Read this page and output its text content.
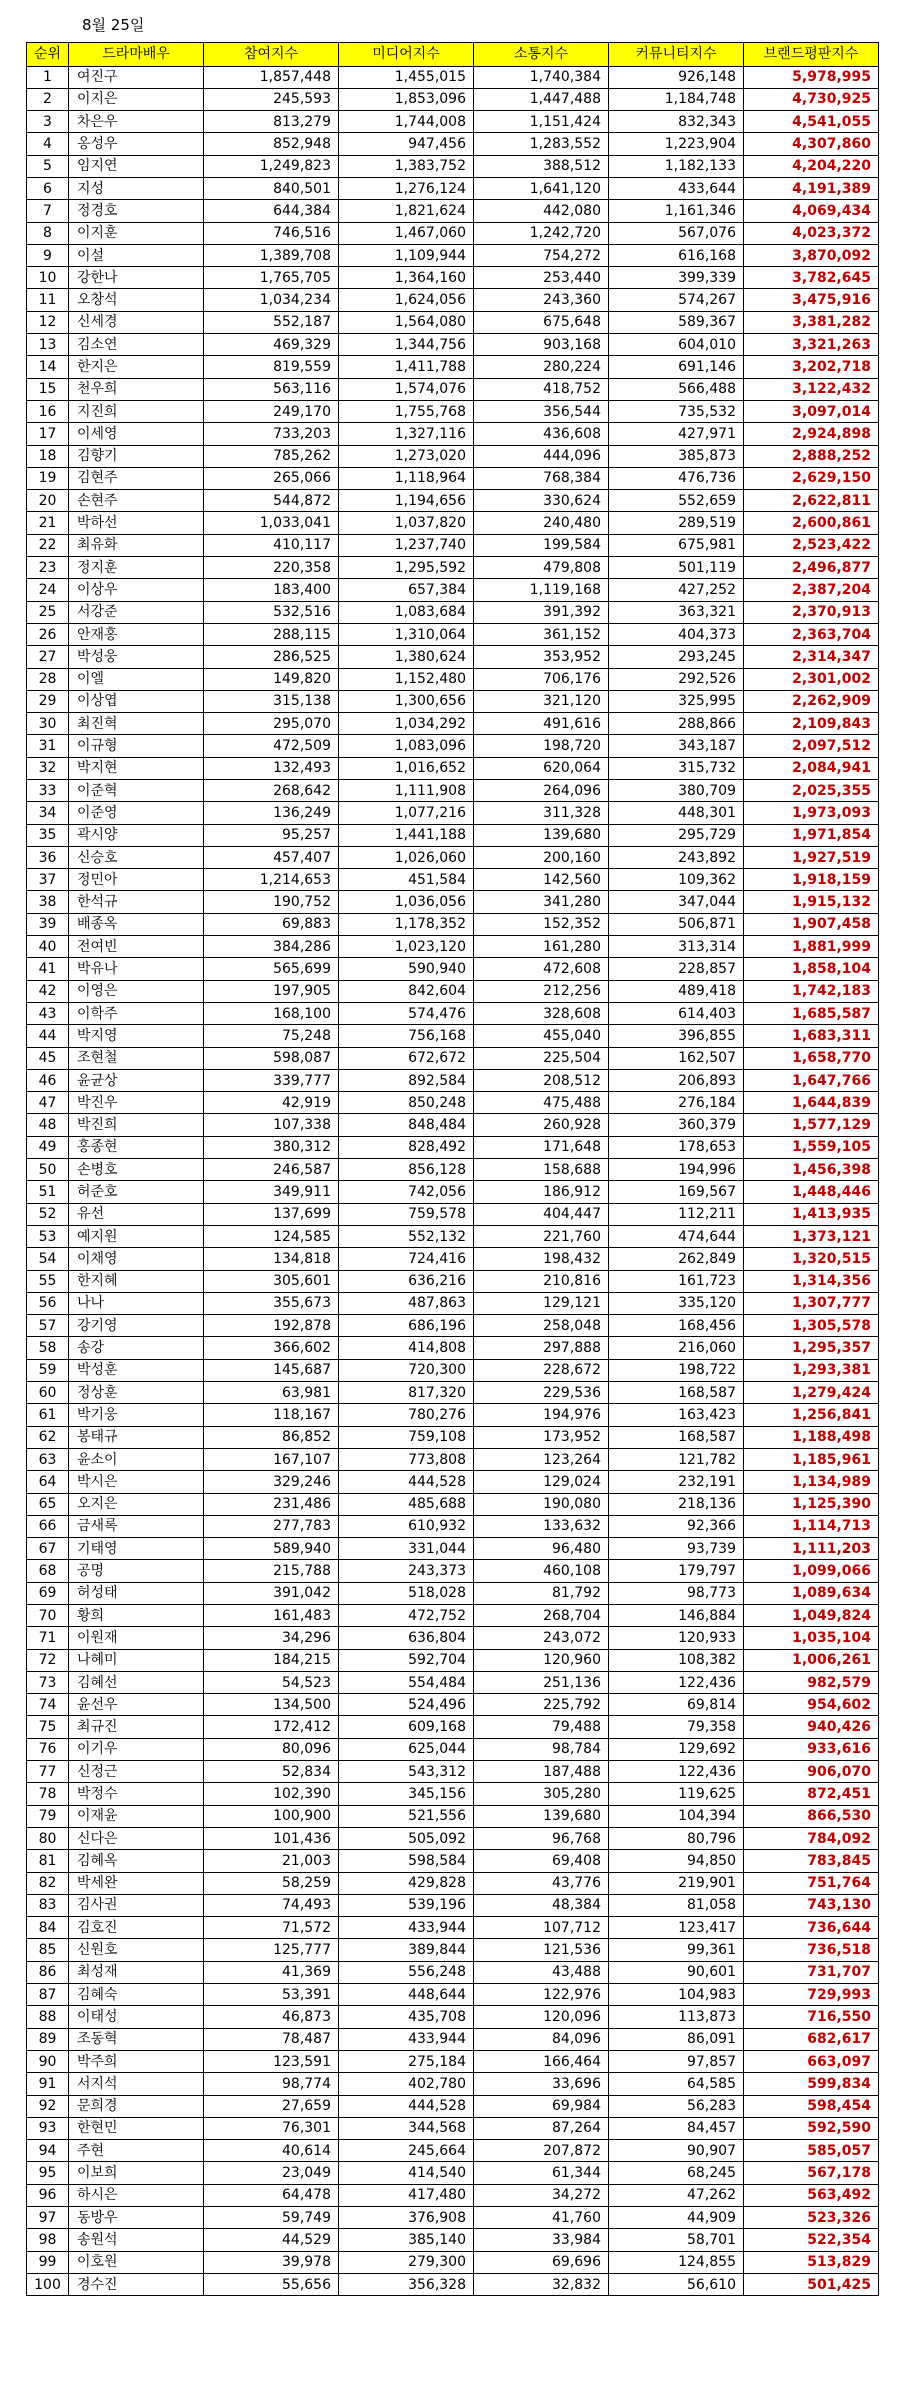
8월 25일
순위	드라마배우	참여지수	미디어지수	소통지수	커뮤니티지수	브랜드평판지수
1	여진구	1,857,448	1,455,015	1,740,384	926,148	5,978,995
2	이지은	245,593	1,853,096	1,447,488	1,184,748	4,730,925
3	차은우	813,279	1,744,008	1,151,424	832,343	4,541,055
4	옹성우	852,948	947,456	1,283,552	1,223,904	4,307,860
5	임지연	1,249,823	1,383,752	388,512	1,182,133	4,204,220
6	지성	840,501	1,276,124	1,641,120	433,644	4,191,389
7	정경호	644,384	1,821,624	442,080	1,161,346	4,069,434
8	이지훈	746,516	1,467,060	1,242,720	567,076	4,023,372
9	이설	1,389,708	1,109,944	754,272	616,168	3,870,092
10	강한나	1,765,705	1,364,160	253,440	399,339	3,782,645
11	오창석	1,034,234	1,624,056	243,360	574,267	3,475,916
12	신세경	552,187	1,564,080	675,648	589,367	3,381,282
13	김소연	469,329	1,344,756	903,168	604,010	3,321,263
14	한지은	819,559	1,411,788	280,224	691,146	3,202,718
15	천우희	563,116	1,574,076	418,752	566,488	3,122,432
16	지진희	249,170	1,755,768	356,544	735,532	3,097,014
17	이세영	733,203	1,327,116	436,608	427,971	2,924,898
18	김향기	785,262	1,273,020	444,096	385,873	2,888,252
19	김현주	265,066	1,118,964	768,384	476,736	2,629,150
20	손현주	544,872	1,194,656	330,624	552,659	2,622,811
21	박하선	1,033,041	1,037,820	240,480	289,519	2,600,861
22	최유화	410,117	1,237,740	199,584	675,981	2,523,422
23	정지훈	220,358	1,295,592	479,808	501,119	2,496,877
24	이상우	183,400	657,384	1,119,168	427,252	2,387,204
25	서강준	532,516	1,083,684	391,392	363,321	2,370,913
26	안재홍	288,115	1,310,064	361,152	404,373	2,363,704
27	박성웅	286,525	1,380,624	353,952	293,245	2,314,347
28	이엘	149,820	1,152,480	706,176	292,526	2,301,002
29	이상엽	315,138	1,300,656	321,120	325,995	2,262,909
30	최진혁	295,070	1,034,292	491,616	288,866	2,109,843
31	이규형	472,509	1,083,096	198,720	343,187	2,097,512
32	박지현	132,493	1,016,652	620,064	315,732	2,084,941
33	이준혁	268,642	1,111,908	264,096	380,709	2,025,355
34	이준영	136,249	1,077,216	311,328	448,301	1,973,093
35	곽시양	95,257	1,441,188	139,680	295,729	1,971,854
36	신승호	457,407	1,026,060	200,160	243,892	1,927,519
37	정민아	1,214,653	451,584	142,560	109,362	1,918,159
38	한석규	190,752	1,036,056	341,280	347,044	1,915,132
39	배종옥	69,883	1,178,352	152,352	506,871	1,907,458
40	전여빈	384,286	1,023,120	161,280	313,314	1,881,999
41	박유나	565,699	590,940	472,608	228,857	1,858,104
42	이영은	197,905	842,604	212,256	489,418	1,742,183
43	이학주	168,100	574,476	328,608	614,403	1,685,587
44	박지영	75,248	756,168	455,040	396,855	1,683,311
45	조현철	598,087	672,672	225,504	162,507	1,658,770
46	윤균상	339,777	892,584	208,512	206,893	1,647,766
47	박진우	42,919	850,248	475,488	276,184	1,644,839
48	박진희	107,338	848,484	260,928	360,379	1,577,129
49	홍종현	380,312	828,492	171,648	178,653	1,559,105
50	손병호	246,587	856,128	158,688	194,996	1,456,398
51	허준호	349,911	742,056	186,912	169,567	1,448,446
52	유선	137,699	759,578	404,447	112,211	1,413,935
53	예지원	124,585	552,132	221,760	474,644	1,373,121
54	이채영	134,818	724,416	198,432	262,849	1,320,515
55	한지혜	305,601	636,216	210,816	161,723	1,314,356
56	나나	355,673	487,863	129,121	335,120	1,307,777
57	강기영	192,878	686,196	258,048	168,456	1,305,578
58	송강	366,602	414,808	297,888	216,060	1,295,357
59	박성훈	145,687	720,300	228,672	198,722	1,293,381
60	정상훈	63,981	817,320	229,536	168,587	1,279,424
61	박기웅	118,167	780,276	194,976	163,423	1,256,841
62	봉태규	86,852	759,108	173,952	168,587	1,188,498
63	윤소이	167,107	773,808	123,264	121,782	1,185,961
64	박시은	329,246	444,528	129,024	232,191	1,134,989
65	오지은	231,486	485,688	190,080	218,136	1,125,390
66	금새록	277,783	610,932	133,632	92,366	1,114,713
67	기태영	589,940	331,044	96,480	93,739	1,111,203
68	공명	215,788	243,373	460,108	179,797	1,099,066
69	허성태	391,042	518,028	81,792	98,773	1,089,634
70	황희	161,483	472,752	268,704	146,884	1,049,824
71	이원재	34,296	636,804	243,072	120,933	1,035,104
72	나혜미	184,215	592,704	120,960	108,382	1,006,261
73	김혜선	54,523	554,484	251,136	122,436	982,579
74	윤선우	134,500	524,496	225,792	69,814	954,602
75	최규진	172,412	609,168	79,488	79,358	940,426
76	이기우	80,096	625,044	98,784	129,692	933,616
77	신정근	52,834	543,312	187,488	122,436	906,070
78	박정수	102,390	345,156	305,280	119,625	872,451
79	이재윤	100,900	521,556	139,680	104,394	866,530
80	신다은	101,436	505,092	96,768	80,796	784,092
81	김혜옥	21,003	598,584	69,408	94,850	783,845
82	박세완	58,259	429,828	43,776	219,901	751,764
83	김사권	74,493	539,196	48,384	81,058	743,130
84	김호진	71,572	433,944	107,712	123,417	736,644
85	신원호	125,777	389,844	121,536	99,361	736,518
86	최성재	41,369	556,248	43,488	90,601	731,707
87	김혜숙	53,391	448,644	122,976	104,983	729,993
88	이태성	46,873	435,708	120,096	113,873	716,550
89	조동혁	78,487	433,944	84,096	86,091	682,617
90	박주희	123,591	275,184	166,464	97,857	663,097
91	서지석	98,774	402,780	33,696	64,585	599,834
92	문희경	27,659	444,528	69,984	56,283	598,454
93	한현민	76,301	344,568	87,264	84,457	592,590
94	주현	40,614	245,664	207,872	90,907	585,057
95	이보희	23,049	414,540	61,344	68,245	567,178
96	하시은	64,478	417,480	34,272	47,262	563,492
97	동방우	59,749	376,908	41,760	44,909	523,326
98	송원석	44,529	385,140	33,984	58,701	522,354
99	이호원	39,978	279,300	69,696	124,855	513,829
100	경수진	55,656	356,328	32,832	56,610	501,425
